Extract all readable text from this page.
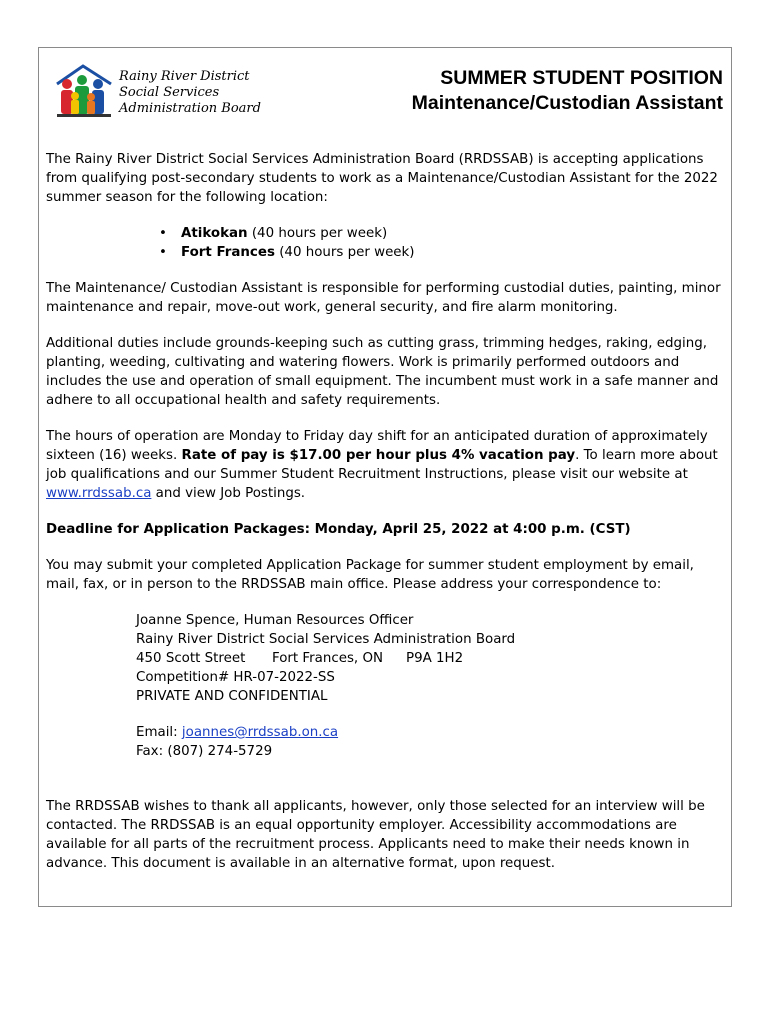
Rainy River District
Social Services
Administration Board
SUMMER STUDENT POSITION
Maintenance/Custodian Assistant

The Rainy River District Social Services Administration Board (RRDSSAB) is accepting applications from qualifying post-secondary students to work as a Maintenance/Custodian Assistant for the 2022 summer season for the following location:

• Atikokan (40 hours per week)
• Fort Frances (40 hours per week)

The Maintenance/ Custodian Assistant is responsible for performing custodial duties, painting, minor maintenance and repair, move-out work, general security, and fire alarm monitoring.

Additional duties include grounds-keeping such as cutting grass, trimming hedges, raking, edging, planting, weeding, cultivating and watering flowers. Work is primarily performed outdoors and includes the use and operation of small equipment. The incumbent must work in a safe manner and adhere to all occupational health and safety requirements.

The hours of operation are Monday to Friday day shift for an anticipated duration of approximately sixteen (16) weeks. Rate of pay is $17.00 per hour plus 4% vacation pay. To learn more about job qualifications and our Summer Student Recruitment Instructions, please visit our website at www.rrdssab.ca and view Job Postings.

Deadline for Application Packages: Monday, April 25, 2022 at 4:00 p.m. (CST)

You may submit your completed Application Package for summer student employment by email, mail, fax, or in person to the RRDSSAB main office. Please address your correspondence to:

Joanne Spence, Human Resources Officer

Rainy River District Social Services Administration Board

450 Scott Street Fort Frances, ON P9A 1H2

Competition# HR-07-2022-SS

PRIVATE AND CONFIDENTIAL

Email: joannes@rrdssab.on.ca

Fax: (807) 274-5729

The RRDSSAB wishes to thank all applicants, however, only those selected for an interview will be contacted. The RRDSSAB is an equal opportunity employer. Accessibility accommodations are available for all parts of the recruitment process. Applicants need to make their needs known in advance. This document is available in an alternative format, upon request.
